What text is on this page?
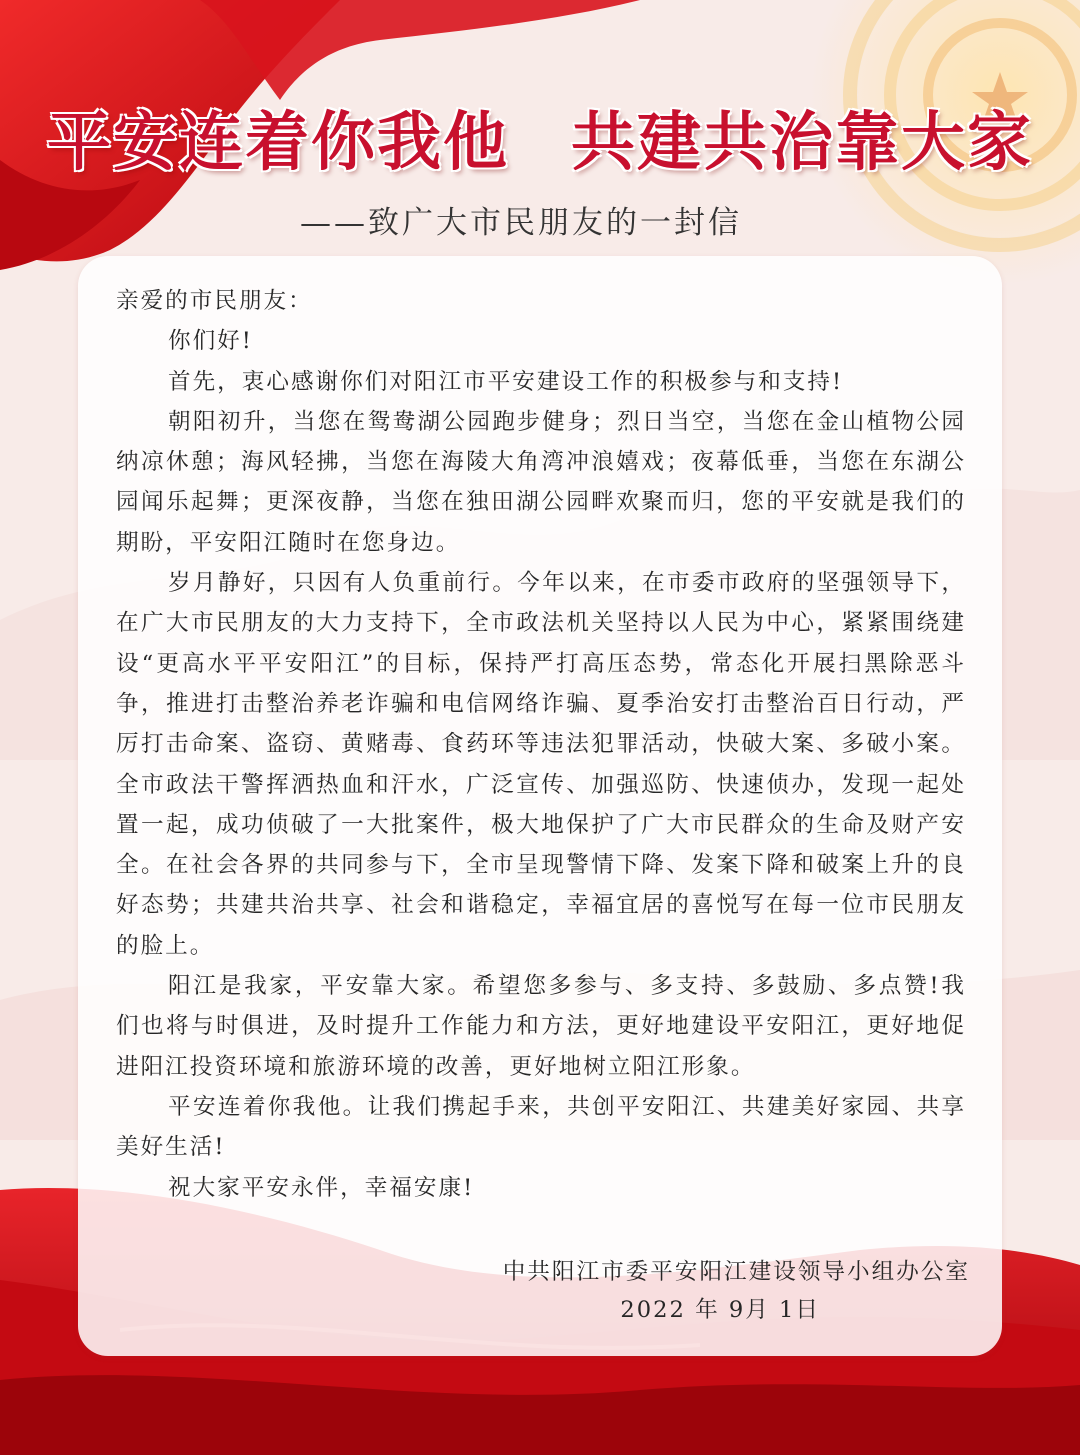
平安连着你我他 共建共治靠大家
——致广大市民朋友的一封信

亲爱的市民朋友：

你们好!

首先，衷心感谢你们对阳江市平安建设工作的积极参与和支持!

朝阳初升，当您在鸳鸯湖公园跑步健身；烈日当空，当您在金山植物公园纳凉休憩；海风轻拂，当您在海陵大角湾冲浪嬉戏；夜幕低垂，当您在东湖公园闻乐起舞；更深夜静，当您在独田湖公园畔欢聚而归，您的平安就是我们的期盼，平安阳江随时在您身边。

岁月静好，只因有人负重前行。今年以来，在市委市政府的坚强领导下，在广大市民朋友的大力支持下，全市政法机关坚持以人民为中心，紧紧围绕建设“更高水平平安阳江”的目标，保持严打高压态势，常态化开展扫黑除恶斗争，推进打击整治养老诈骗和电信网络诈骗、夏季治安打击整治百日行动，严厉打击命案、盗窃、黄赌毒、食药环等违法犯罪活动，快破大案、多破小案。全市政法干警挥洒热血和汗水，广泛宣传、加强巡防、快速侦办，发现一起处置一起，成功侦破了一大批案件，极大地保护了广大市民群众的生命及财产安全。在社会各界的共同参与下，全市呈现警情下降、发案下降和破案上升的良好态势；共建共治共享、社会和谐稳定，幸福宜居的喜悦写在每一位市民朋友的脸上。

阳江是我家，平安靠大家。希望您多参与、多支持、多鼓励、多点赞!我们也将与时俱进，及时提升工作能力和方法，更好地建设平安阳江，更好地促进阳江投资环境和旅游环境的改善，更好地树立阳江形象。

平安连着你我他。让我们携起手来，共创平安阳江、共建美好家园、共享美好生活!

祝大家平安永伴，幸福安康!

中共阳江市委平安阳江建设领导小组办公室
2022 年 9月 1日
